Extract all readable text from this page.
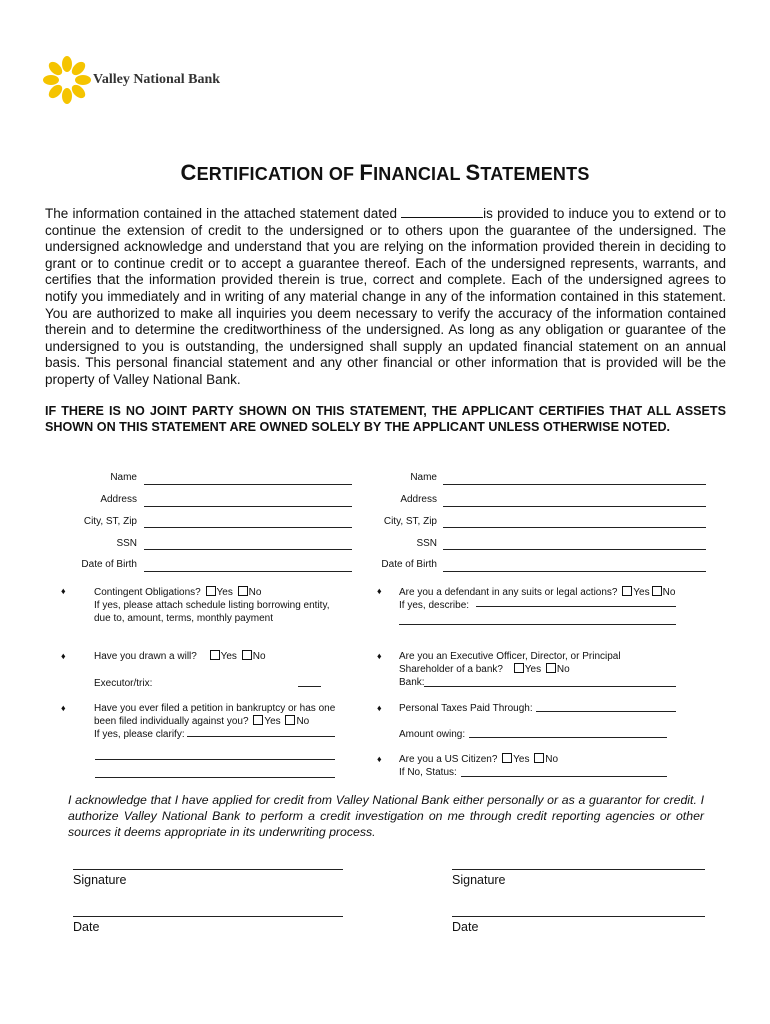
Valley National Bank
CERTIFICATION OF FINANCIAL STATEMENTS
The information contained in the attached statement dated	is provided to induce you to extend or to continue the extension of credit to the undersigned or to others upon the guarantee of the undersigned. The undersigned acknowledge and understand that you are relying on the information provided therein in deciding to grant or to continue credit or to accept a guarantee thereof. Each of the undersigned represents, warrants, and certifies that the information provided therein is true, correct and complete. Each of the undersigned agrees to notify you immediately and in writing of any material change in any of the information contained in this statement. You are authorized to make all inquiries you deem necessary to verify the accuracy of the information contained therein and to determine the creditworthiness of the undersigned. As long as any obligation or guarantee of the undersigned to you is outstanding, the undersigned shall supply an updated financial statement on an annual basis. This personal financial statement and any other financial or other information that is provided will be the property of Valley National Bank.
IF THERE IS NO JOINT PARTY SHOWN ON THIS STATEMENT, THE APPLICANT CERTIFIES THAT ALL ASSETS SHOWN ON THIS STATEMENT ARE OWNED SOLELY BY THE APPLICANT UNLESS OTHERWISE NOTED.
Name
Address
City, ST, Zip
SSN
Date of Birth
Name
Address
City, ST, Zip
SSN
Date of Birth
♦	Contingent Obligations? Yes No
If yes, please attach schedule listing borrowing entity,
due to, amount, terms, monthly payment
♦	Have you drawn a will? Yes No
Executor/trix:
♦	Have you ever filed a petition in bankruptcy or has one
been filed individually against you? Yes No
If yes, please clarify:
♦ Are you a defendant in any suits or legal actions? Yes No
If yes, describe:
♦ Are you an Executive Officer, Director, or Principal
Shareholder of a bank? Yes No
Bank:
♦ Personal Taxes Paid Through:
Amount owing:
♦ Are you a US Citizen? Yes No
If No, Status:
I acknowledge that I have applied for credit from Valley National Bank either personally or as a guarantor for credit. I authorize Valley National Bank to perform a credit investigation on me through credit reporting agencies or other sources it deems appropriate in its underwriting process.
Signature	Signature
Date	Date
